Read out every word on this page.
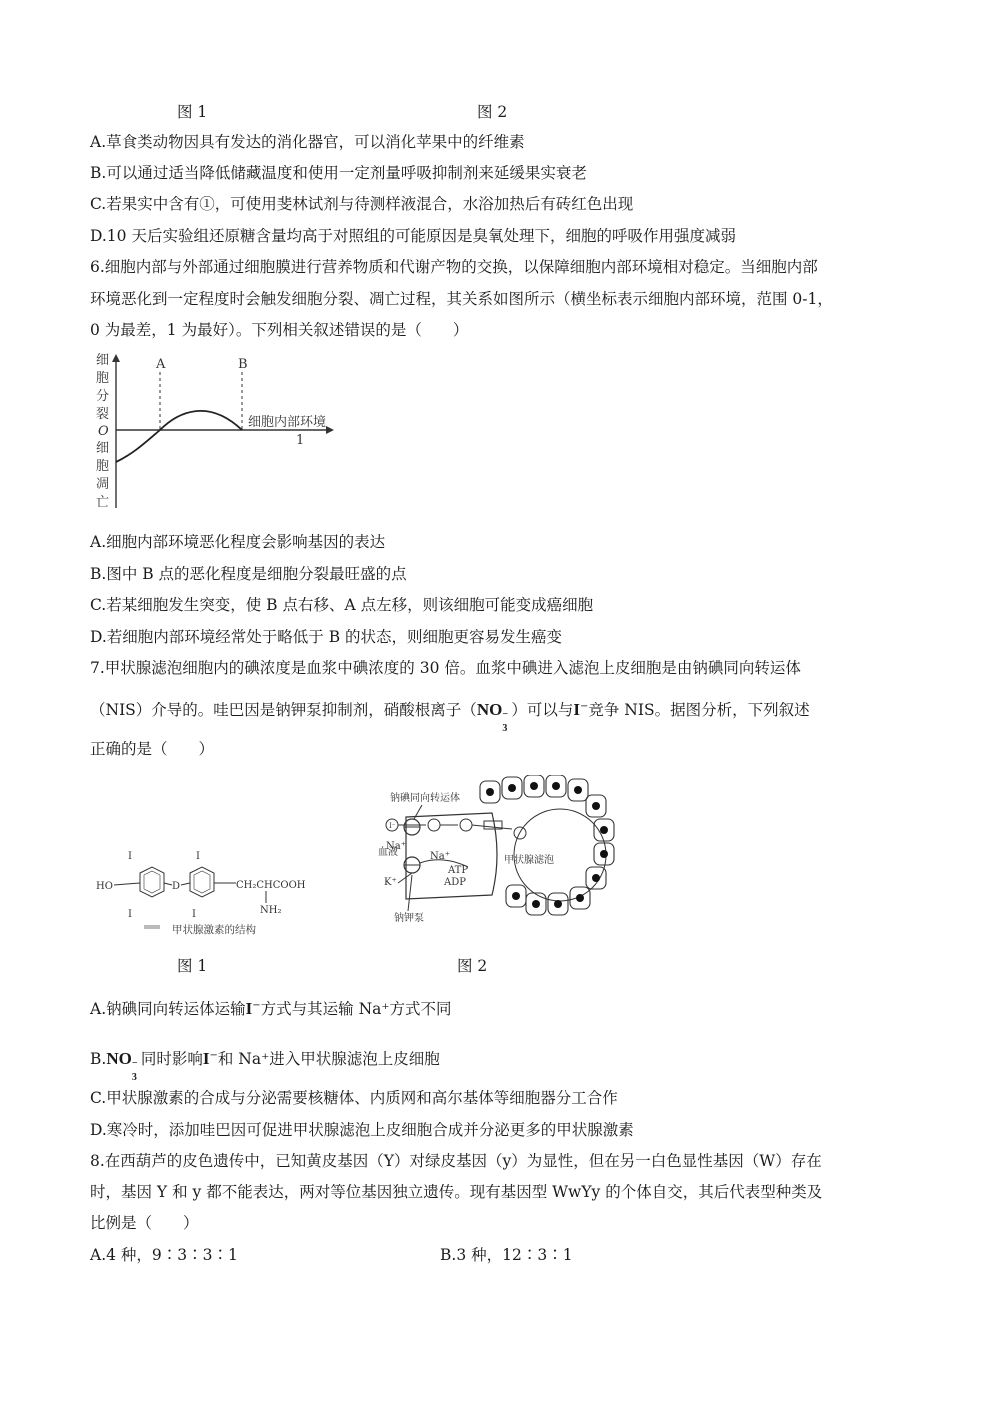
图 1	图 2
A.草食类动物因具有发达的消化器官，可以消化苹果中的纤维素
B.可以通过适当降低储藏温度和使用一定剂量呼吸抑制剂来延缓果实衰老
C.若果实中含有①，可使用斐林试剂与待测样液混合，水浴加热后有砖红色出现
D.10 天后实验组还原糖含量均高于对照组的可能原因是臭氧处理下，细胞的呼吸作用强度减弱
6.细胞内部与外部通过细胞膜进行营养物质和代谢产物的交换，以保障细胞内部环境相对稳定。当细胞内部
环境恶化到一定程度时会触发细胞分裂、凋亡过程，其关系如图所示（横坐标表示细胞内部环境，范围 0-1，
0 为最差，1 为最好）。下列相关叙述错误的是（　　）
细
胞
分
裂
O
细
胞
凋
亡
A	B
细胞内部环境
1
A.细胞内部环境恶化程度会影响基因的表达
B.图中 B 点的恶化程度是细胞分裂最旺盛的点
C.若某细胞发生突变，使 B 点右移、A 点左移，则该细胞可能变成癌细胞
D.若细胞内部环境经常处于略低于 B 的状态，则细胞更容易发生癌变
7.甲状腺滤泡细胞内的碘浓度是血浆中碘浓度的 30 倍。血浆中碘进入滤泡上皮细胞是由钠碘同向转运体
（NIS）介导的。哇巴因是钠钾泵抑制剂，硝酸根离子（NO −
3
）可以与I−竞争 NIS。据图分析，下列叙述
正确的是（　　）
HO
I
I
D
I
I
CH₂CHCOOH
NH₂
甲状腺激素的结构
钠碘同向转运体
血液
K⁺
Na⁺
Na⁺
ATP
ADP
甲状腺滤泡
钠钾泵
I⁻
图 1	图 2
A.钠碘同向转运体运输I−方式与其运输 Na⁺方式不同
B.NO −
3
同时影响I−和 Na⁺进入甲状腺滤泡上皮细胞
C.甲状腺激素的合成与分泌需要核糖体、内质网和高尔基体等细胞器分工合作
D.寒冷时，添加哇巴因可促进甲状腺滤泡上皮细胞合成并分泌更多的甲状腺激素
8.在西葫芦的皮色遗传中，已知黄皮基因（Y）对绿皮基因（y）为显性，但在另一白色显性基因（W）存在
时，基因 Y 和 y 都不能表达，两对等位基因独立遗传。现有基因型 WwYy 的个体自交，其后代表型种类及
比例是（　　）
A.4 种，9∶3∶3∶1	B.3 种，12∶3∶1
